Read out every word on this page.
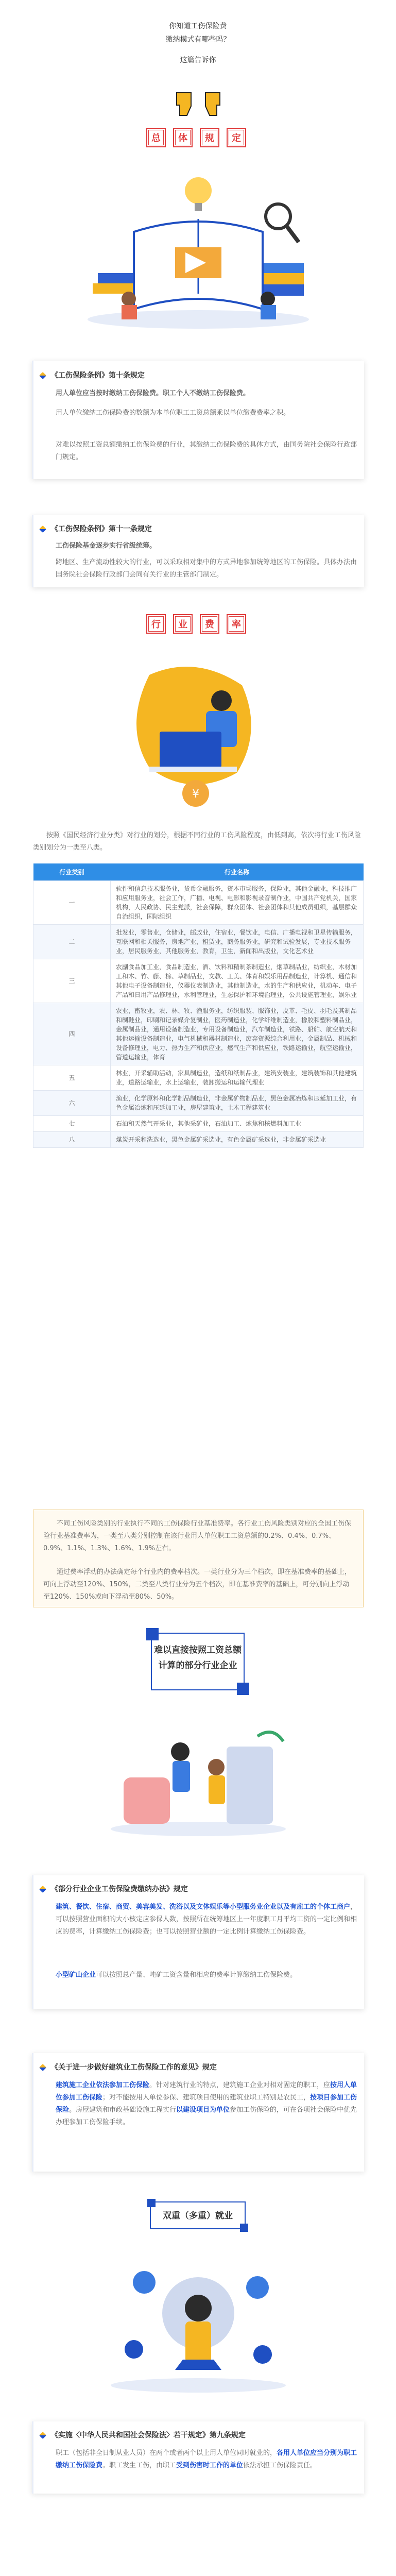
你知道工伤保险费
缴纳模式有哪些吗？
这篇告诉你
总	体	规	定
《工伤保险条例》第十条规定
用人单位应当按时缴纳工伤保险费。职工个人不缴纳工伤保险费。
用人单位缴纳工伤保险费的数额为本单位职工工资总额乘以单位缴费费率之积。
对难以按照工资总额缴纳工伤保险费的行业，其缴纳工伤保险费的具体方式，由国务院社会保险行政部门规定。
《工伤保险条例》第十一条规定
工伤保险基金逐步实行省级统筹。
跨地区、生产流动性较大的行业，可以采取相对集中的方式异地参加统筹地区的工伤保险。具体办法由国务院社会保险行政部门会同有关行业的主管部门制定。
行	业	费	率
¥
按照《国民经济行业分类》对行业的划分，根据不同行业的工伤风险程度，由低到高，依次将行业工伤风险类别划分为一类至八类。
行业类别	行业名称
一	软件和信息技术服务业，货币金融服务，资本市场服务，保险业，其他金融业，科技推广和应用服务业，社会工作，广播、电视、电影和影视录音制作业，中国共产党机关，国家机构，人民政协、民主党派，社会保障，群众团体、社会团体和其他成员组织，基层群众自治组织，国际组织
二	批发业，零售业，仓储业，邮政业，住宿业，餐饮业，电信、广播电视和卫星传输服务，互联网和相关服务，房地产业，租赁业，商务服务业，研究和试验发展，专业技术服务业，居民服务业，其他服务业，教育，卫生，新闻和出版业，文化艺术业
三	农副食品加工业，食品制造业，酒、饮料和精制茶制造业，烟草制品业，纺织业，木材加工和木、竹、藤、棕、草制品业，文教、工美、体育和娱乐用品制造业，计算机、通信和其他电子设备制造业，仪器仪表制造业，其他制造业，水的生产和供应业，机动车、电子产品和日用产品修理业，水利管理业，生态保护和环境治理业，公共设施管理业，娱乐业
四	农业，畜牧业，农、林、牧、渔服务业，纺织服装、服饰业，皮革、毛皮、羽毛及其制品和制鞋业，印刷和记录媒介复制业，医药制造业，化学纤维制造业，橡胶和塑料制品业，金属制品业，通用设备制造业，专用设备制造业，汽车制造业，铁路、船舶、航空航天和其他运输设备制造业，电气机械和器材制造业，废弃资源综合利用业，金属制品、机械和设备修理业，电力、热力生产和供应业，燃气生产和供应业，铁路运输业，航空运输业，管道运输业，体育
五	林业，开采辅助活动，家具制造业，造纸和纸制品业，建筑安装业，建筑装饰和其他建筑业，道路运输业，水上运输业，装卸搬运和运输代理业
六	渔业，化学原料和化学制品制造业，非金属矿物制品业，黑色金属冶炼和压延加工业，有色金属冶炼和压延加工业，房屋建筑业，土木工程建筑业
七	石油和天然气开采业，其他采矿业，石油加工、炼焦和核燃料加工业
八	煤炭开采和洗选业，黑色金属矿采选业，有色金属矿采选业，非金属矿采选业
不同工伤风险类别的行业执行不同的工伤保险行业基准费率。各行业工伤风险类别对应的全国工伤保险行业基准费率为，一类至八类分别控制在该行业用人单位职工工资总额的0.2%、0.4%、0.7%、0.9%、1.1%、1.3%、1.6%、1.9%左右。
通过费率浮动的办法确定每个行业内的费率档次。一类行业分为三个档次，即在基准费率的基础上，可向上浮动至120%、150%，二类至八类行业分为五个档次，即在基准费率的基础上，可分别向上浮动至120%、150%或向下浮动至80%、50%。
难以直接按照工资总额
计算的部分行业企业
《部分行业企业工伤保险费缴纳办法》规定
建筑、餐饮、住宿、商贸、美容美发、洗浴以及文体娱乐等小型服务业企业以及有雇工的个体工商户，可以按照营业面积的大小核定应参保人数，按照所在统筹地区上一年度职工月平均工资的一定比例和相应的费率，计算缴纳工伤保险费；也可以按照营业额的一定比例计算缴纳工伤保险费。
小型矿山企业可以按照总产量、吨矿工资含量和相应的费率计算缴纳工伤保险费。
《关于进一步做好建筑业工伤保险工作的意见》规定
建筑施工企业依法参加工伤保险。针对建筑行业的特点，建筑施工企业对相对固定的职工，应按用人单位参加工伤保险；对不能按用人单位参保、建筑项目使用的建筑业职工特别是农民工，按项目参加工伤保险。房屋建筑和市政基础设施工程实行以建设项目为单位参加工伤保险的，可在各项社会保险中优先办理参加工伤保险手续。
双重（多重）就业
《实施〈中华人民共和国社会保险法〉若干规定》第九条规定
职工（包括非全日制从业人员）在两个或者两个以上用人单位同时就业的，各用人单位应当分别为职工缴纳工伤保险费。职工发生工伤，由职工受到伤害时工作的单位依法承担工伤保险责任。
